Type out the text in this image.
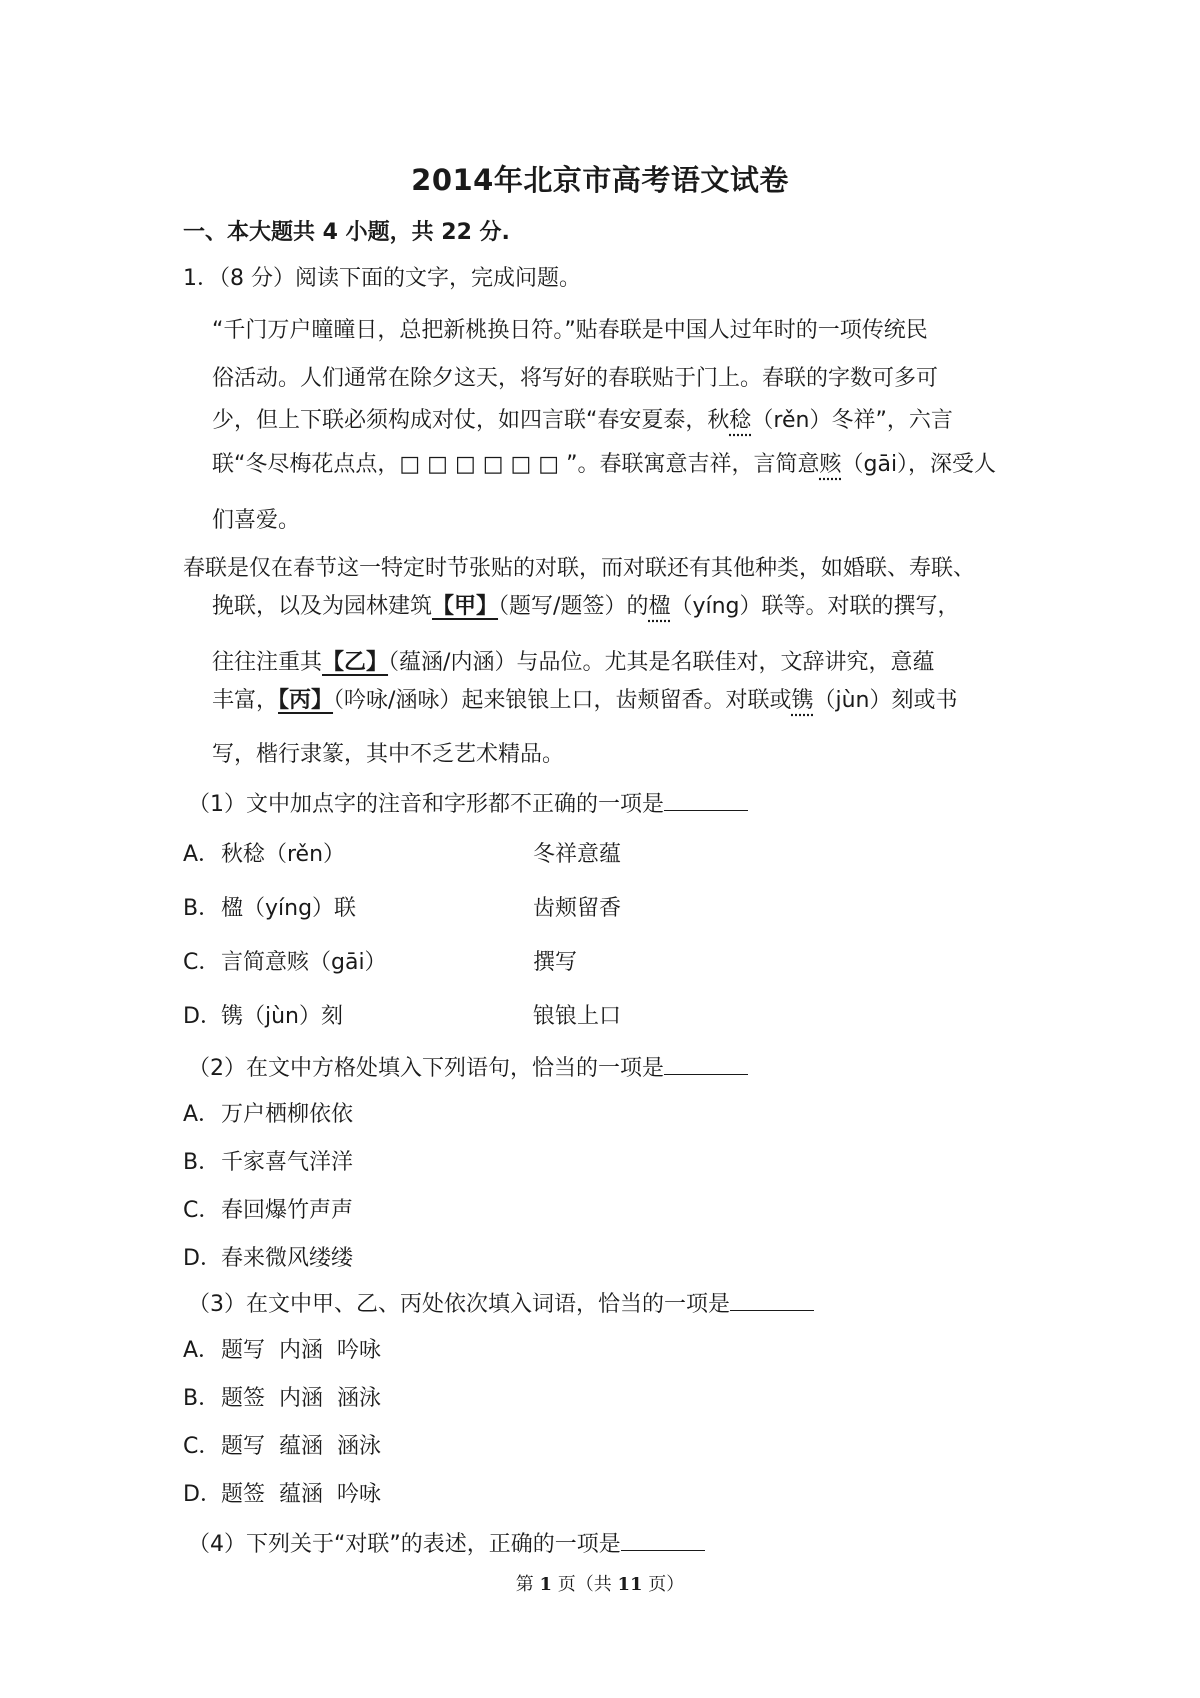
2014年北京市高考语文试卷
一、本大题共 4 小题，共 22 分.
1．（8 分）阅读下面的文字，完成问题。
“千门万户曈曈日，总把新桃换日符。”贴春联是中国人过年时的一项传统民
俗活动。人们通常在除夕这天，将写好的春联贴于门上。春联的字数可多可
少，但上下联必须构成对仗，如四言联“春安夏泰，秋稔（rěn）冬祥”，六言
联“冬尽梅花点点，□ □ □ □ □ □ ”。春联寓意吉祥，言简意赅（gāi），深受人
们喜爱。
春联是仅在春节这一特定时节张贴的对联，而对联还有其他种类，如婚联、寿联、
挽联，以及为园林建筑【甲】（题写/题签）的楹（yíng）联等。对联的撰写，
往往注重其【乙】（蕴涵/内涵）与品位。尤其是名联佳对，文辞讲究，意蕴
丰富，【丙】（吟咏/涵咏）起来锒锒上口，齿颊留香。对联或镌（jùn）刻或书
写，楷行隶篆，其中不乏艺术精品。
（1）文中加点字的注音和字形都不正确的一项是
A．秋稔（rěn）	冬祥意蕴
B．楹（yíng）联	齿颊留香
C．言简意赅（gāi）	撰写
D．镌（jùn）刻	锒锒上口
（2）在文中方格处填入下列语句，恰当的一项是
A．万户栖柳依依
B．千家喜气洋洋
C．春回爆竹声声
D．春来微风缕缕
（3）在文中甲、乙、丙处依次填入词语，恰当的一项是
A．题写  内涵  吟咏
B．题签  内涵  涵泳
C．题写  蕴涵  涵泳
D．题签  蕴涵  吟咏
（4）下列关于“对联”的表述，正确的一项是
第 1 页（共 11 页）
